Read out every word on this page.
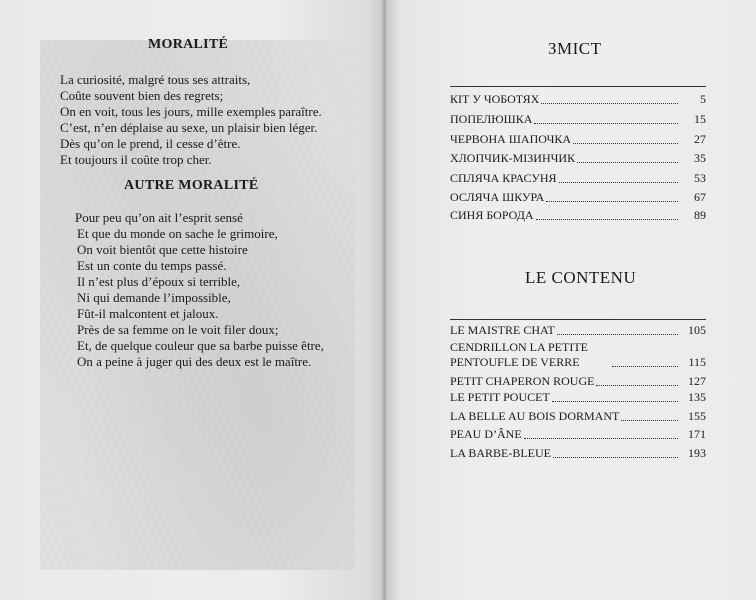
MORALITÉ
La curiosité, malgré tous ses attraits,
Coûte souvent bien des regrets;
On en voit, tous les jours, mille exemples paraître.
C’est, n’en déplaise au sexe, un plaisir bien léger.
Dès qu’on le prend, il cesse d’être.
Et toujours il coûte trop cher.
AUTRE MORALITÉ
Pour peu qu’on ait l’esprit sensé
Et que du monde on sache le grimoire,
On voit bientôt que cette histoire
Est un conte du temps passé.
Il n’est plus d’époux si terrible,
Ni qui demande l’impossible,
Fût-il malcontent et jaloux.
Près de sa femme on le voit filer doux;
Et, de quelque couleur que sa barbe puisse être,
On a peine à juger qui des deux est le maître.
ЗМІСТ
КІТ У ЧОБОТЯХ	5
ПОПЕЛЮШКА	15
ЧЕРВОНА ШАПОЧКА	27
ХЛОПЧИК-МІЗИНЧИК	35
СПЛЯЧА КРАСУНЯ	53
ОСЛЯЧА ШКУРА	67
СИНЯ БОРОДА	89
LE CONTENU
LE MAISTRE CHAT	105
CENDRILLON LA PETITE PENTOUFLE DE VERRE	115
PETIT CHAPERON ROUGE	127
LE PETIT POUCET	135
LA BELLE AU BOIS DORMANT	155
PEAU D’ÂNE	171
LA BARBE-BLEUE	193
